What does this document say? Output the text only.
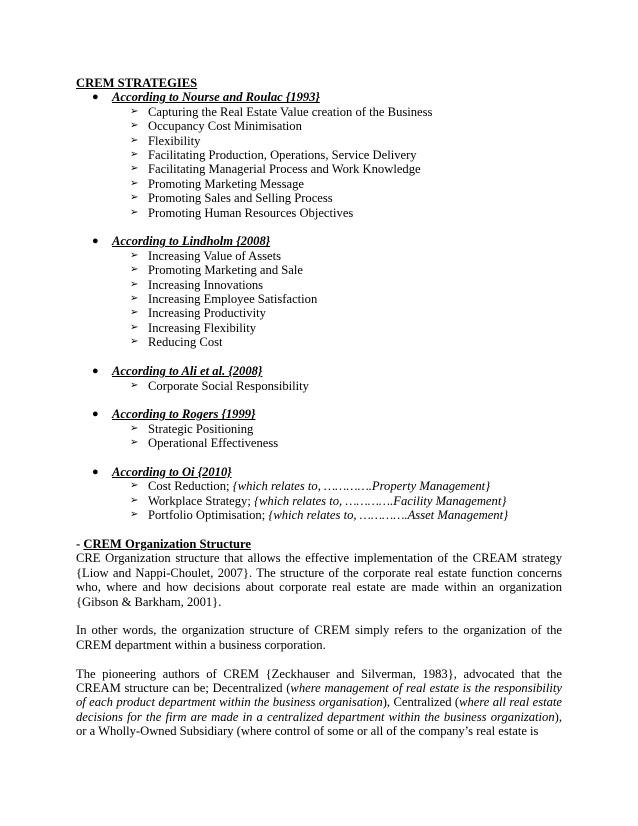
CREM STRATEGIES

● According to Nourse and Roulac {1993}
➢ Capturing the Real Estate Value creation of the Business
➢ Occupancy Cost Minimisation
➢ Flexibility
➢ Facilitating Production, Operations, Service Delivery
➢ Facilitating Managerial Process and Work Knowledge
➢ Promoting Marketing Message
➢ Promoting Sales and Selling Process
➢ Promoting Human Resources Objectives
● According to Lindholm {2008}
➢ Increasing Value of Assets
➢ Promoting Marketing and Sale
➢ Increasing Innovations
➢ Increasing Employee Satisfaction
➢ Increasing Productivity
➢ Increasing Flexibility
➢ Reducing Cost
● According to Ali et al. {2008}
➢ Corporate Social Responsibility
● According to Rogers {1999}
➢ Strategic Positioning
➢ Operational Effectiveness
● According to Oi {2010}
➢ Cost Reduction; {which relates to, ………….Property Management}
➢ Workplace Strategy; {which relates to, ………….Facility Management}
➢ Portfolio Optimisation; {which relates to, ………….Asset Management}
- CREM Organization Structure

CRE Organization structure that allows the effective implementation of the CREAM strategy {Liow and Nappi-Choulet, 2007}. The structure of the corporate real estate function concerns who, where and how decisions about corporate real estate are made within an organization {Gibson & Barkham, 2001}.

In other words, the organization structure of CREM simply refers to the organization of the CREM department within a business corporation.

The pioneering authors of CREM {Zeckhauser and Silverman, 1983}, advocated that the CREAM structure can be; Decentralized (where management of real estate is the responsibility of each product department within the business organisation), Centralized (where all real estate decisions for the firm are made in a centralized department within the business organization), or a Wholly-Owned Subsidiary (where control of some or all of the company’s real estate is
